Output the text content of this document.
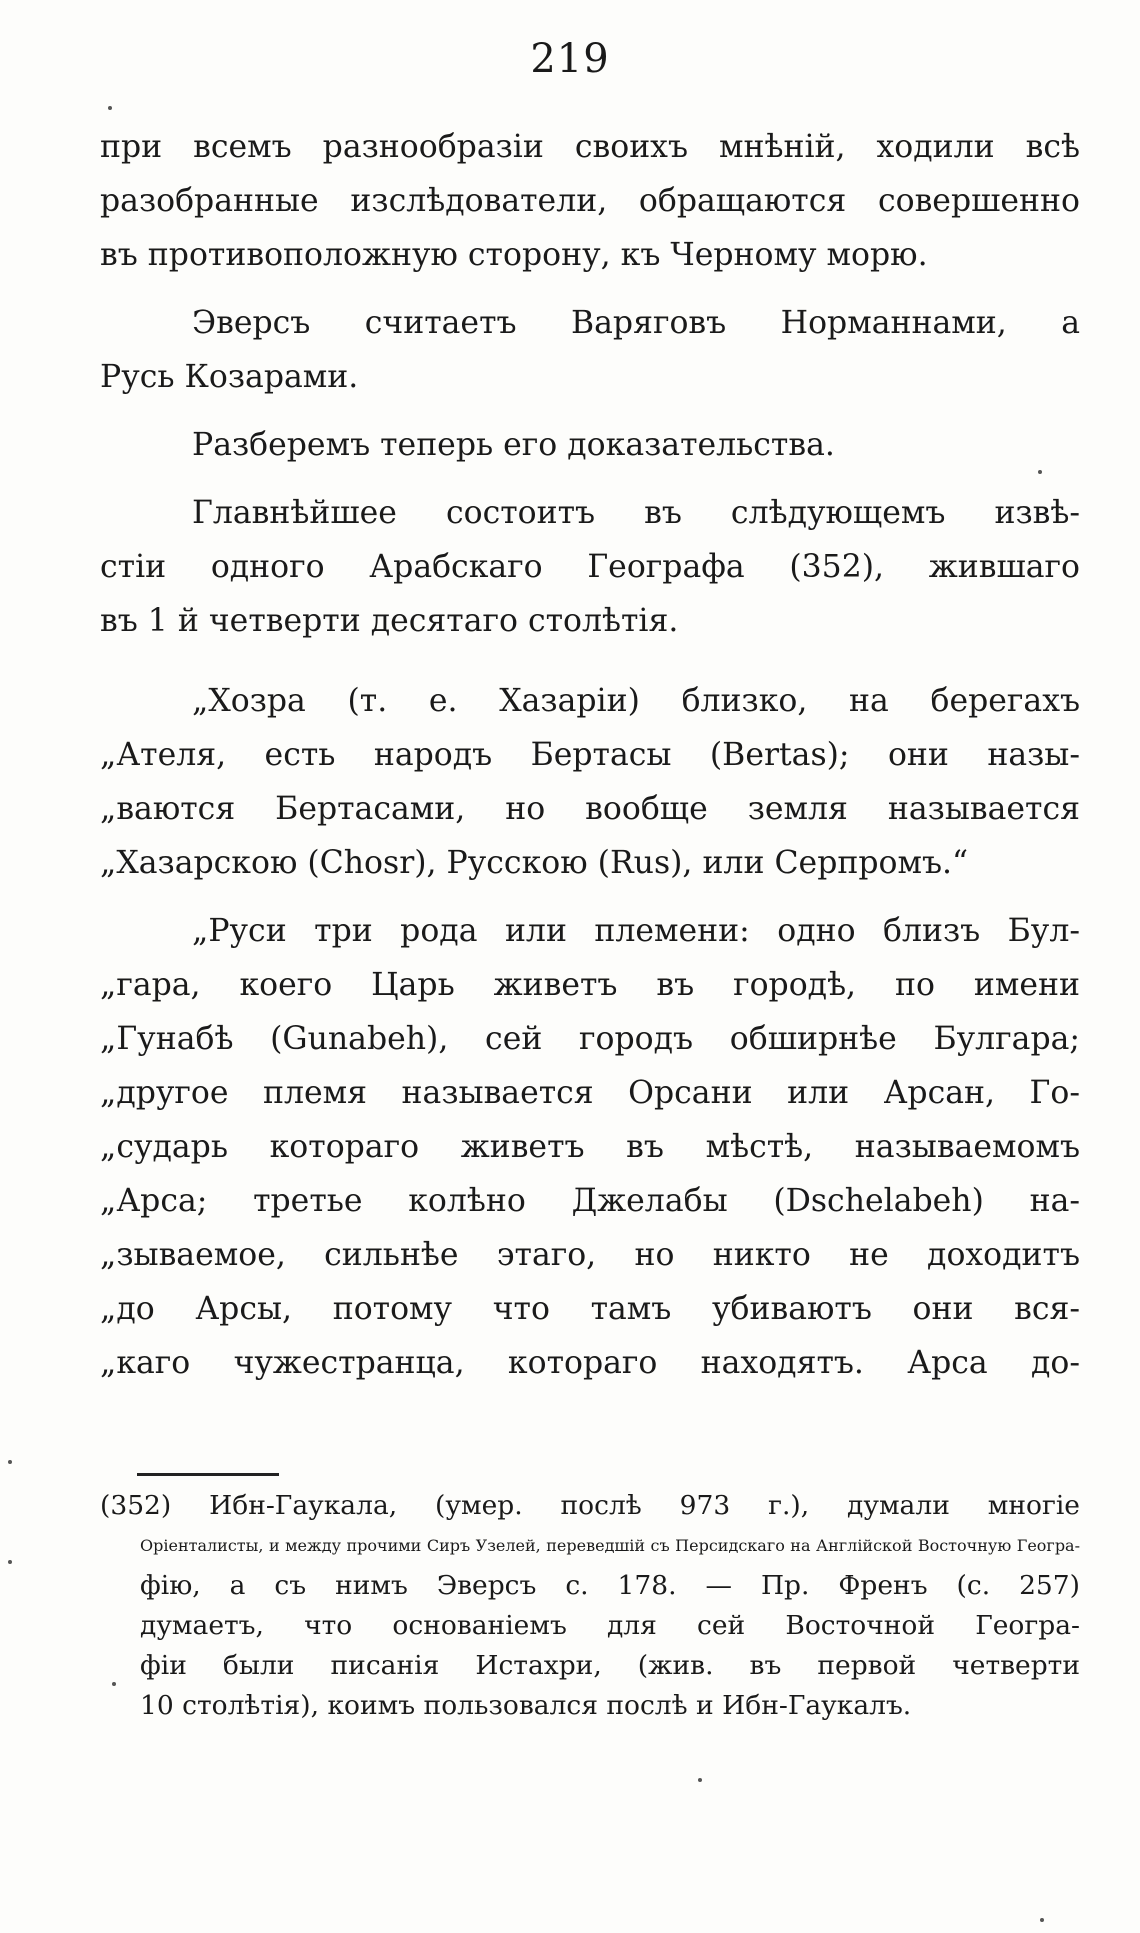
219
при всемъ разнообразіи своихъ мнѣній, ходили всѣ
разобранные изслѣдователи, обращаются совершенно
въ противоположную сторону, къ Черному морю.
Эверсъ считаетъ Варяговъ Норманнами, а
Русь Козарами.
Разберемъ теперь его доказательства.
Главнѣйшее состоитъ въ слѣдующемъ извѣ-
стіи одного Арабскаго Географа (352), жившаго
въ 1 й четверти десятаго столѣтія.
„Хозра (т. е. Хазаріи) близко, на берегахъ
„Ателя, есть народъ Бертасы (Bertas); они назы-
„ваются Бертасами, но вообще земля называется
„Хазарскою (Chosr), Русскою (Rus), или Серпромъ.“
„Руси три рода или племени: одно близъ Бул-
„гара, коего Царь живетъ въ городѣ, по имени
„Гунабѣ (Gunabeh), сей городъ обширнѣе Булгара;
„другое племя называется Орсани или Арсан, Го-
„сударь котораго живетъ въ мѣстѣ, называемомъ
„Арса; третье колѣно Джелабы (Dschelabeh) на-
„зываемое, сильнѣе этаго, но никто не доходитъ
„до Арсы, потому что тамъ убиваютъ они вся-
„каго чужестранца, котораго находятъ. Арса до-
(352) Ибн-Гаукала, (умер. послѣ 973 г.), думали многіе
Оріенталисты, и между прочими Сиръ Узелей, переведшій съ Персидскаго на Англійской Восточную Геогра-
фію, а съ нимъ Эверсъ с. 178. — Пр. Френъ (с. 257)
думаетъ, что основаніемъ для сей Восточной Геогра-
фіи были писанія Истахри, (жив. въ первой четверти
10 столѣтія), коимъ пользовался послѣ и Ибн-Гаукалъ.
